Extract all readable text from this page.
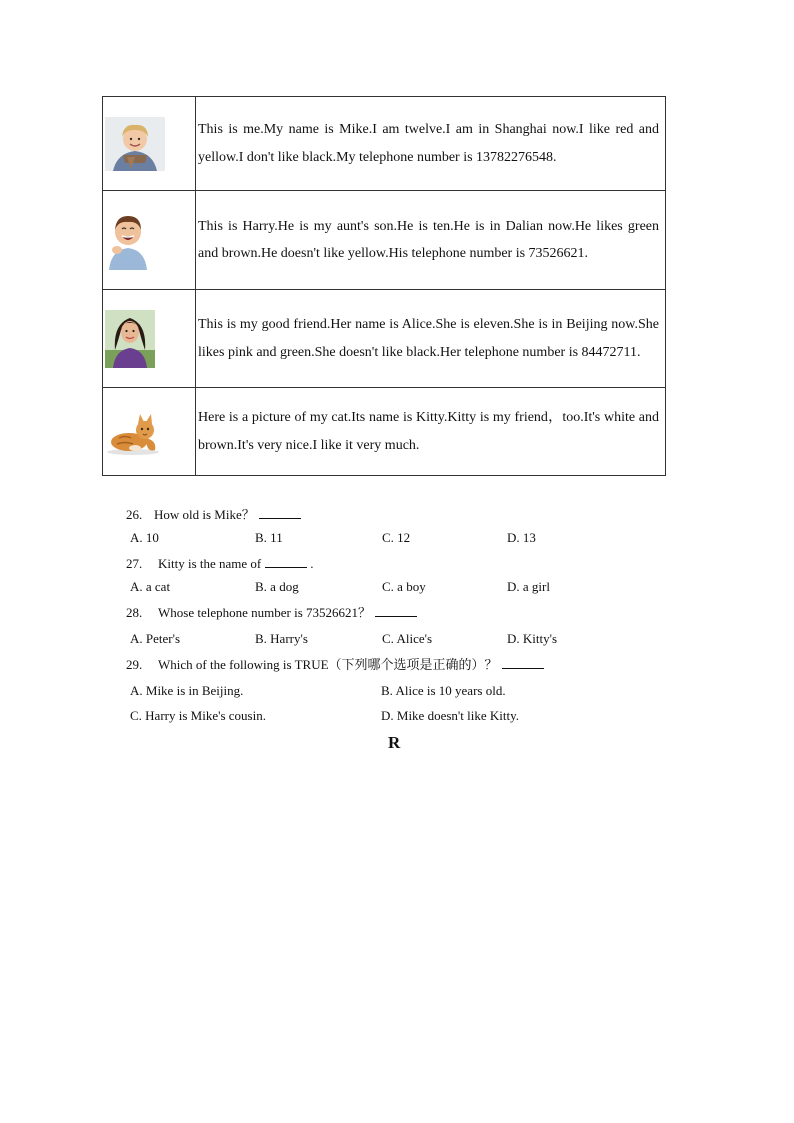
	This is me.My name is Mike.I am twelve.I am in Shanghai now.I like red and yellow.I don't like black.My telephone number is 13782276548.

	This is Harry.He is my aunt's son.He is ten.He is in Dalian now.He likes green and brown.He doesn't like yellow.His telephone number is 73526621.

	This is my good friend.Her name is Alice.She is eleven.She is in Beijing now.She likes pink and green.She doesn't like black.Her telephone number is 84472711.

	Here is a picture of my cat.Its name is Kitty.Kitty is my friend，too.It's white and brown.It's very nice.I like it very much.
26. How old is Mike？
A. 10	B. 11	C. 12	D. 13
27. Kitty is the name of	.
A. a cat	B. a dog	C. a boy	D. a girl
28. Whose telephone number is 73526621？
A. Peter's	B. Harry's	C. Alice's	D. Kitty's
29. Which of the following is TRUE（下列哪个选项是正确的）？
A. Mike is in Beijing.	B. Alice is 10 years old.
C. Harry is Mike's cousin.	D. Mike doesn't like Kitty.
R
